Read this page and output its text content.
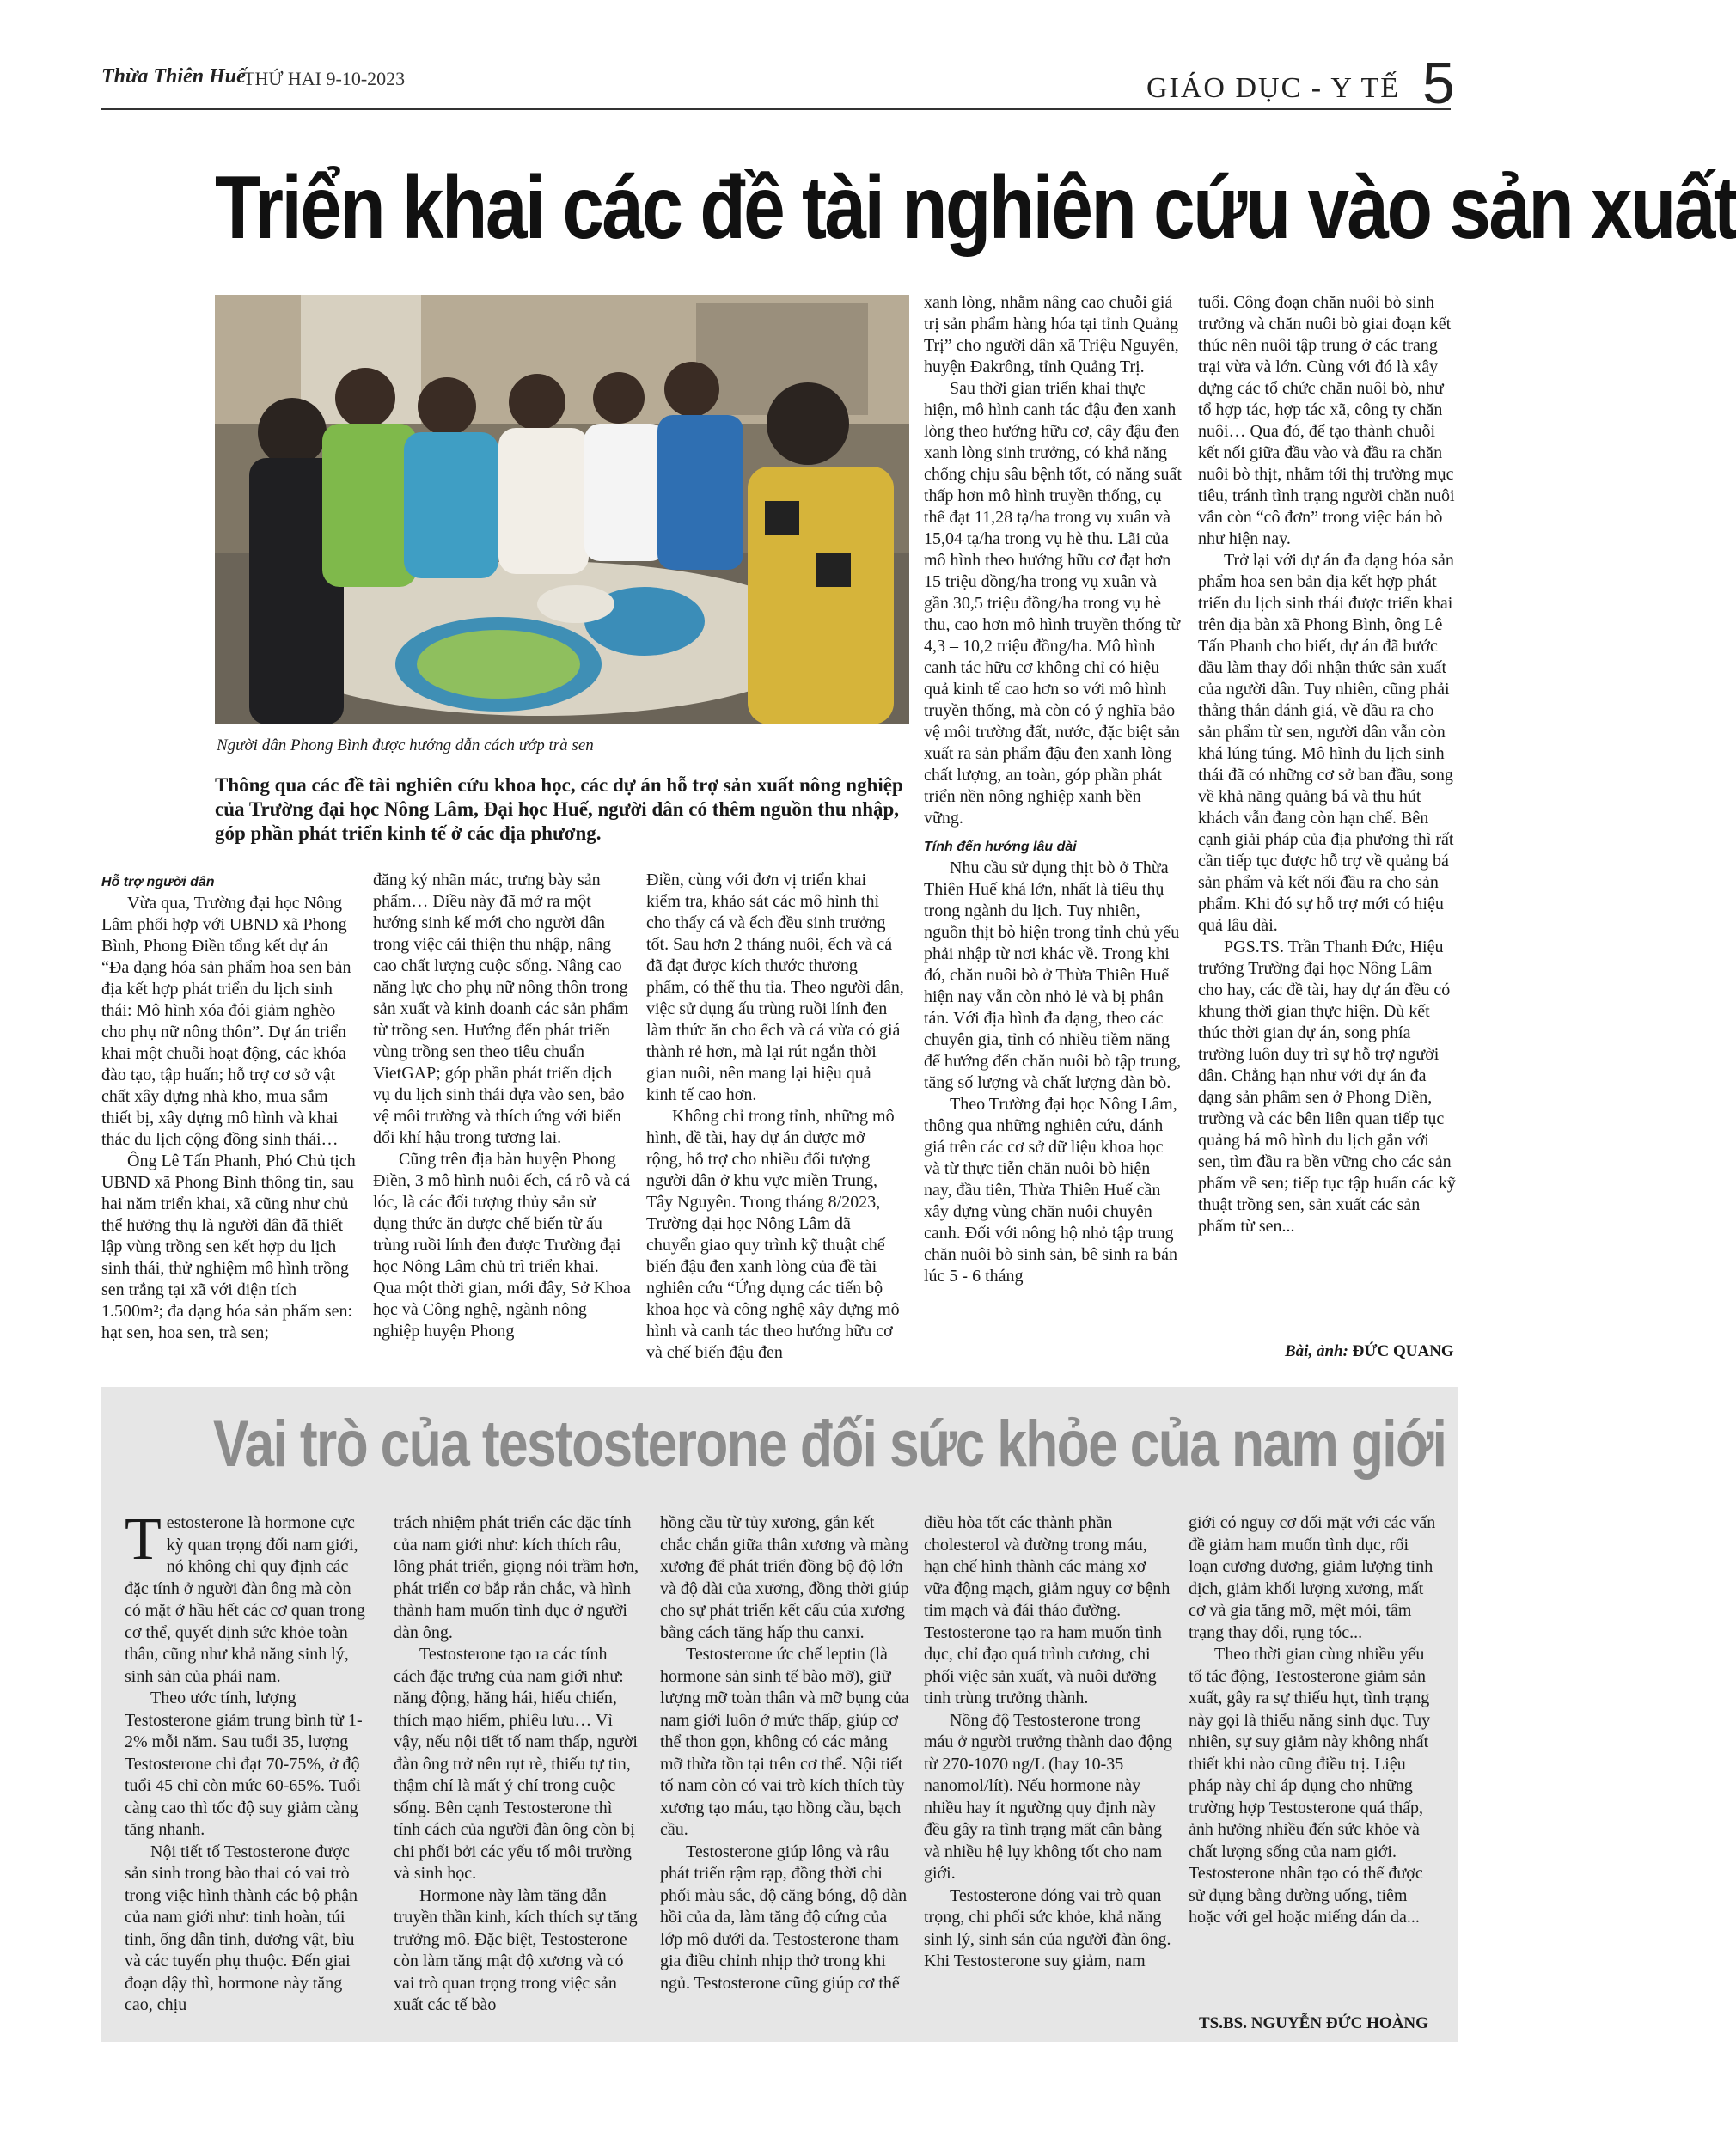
Thừa Thiên Huế
THỨ HAI 9-10-2023	GIÁO DỤC - Y TẾ 5
Triển khai các đề tài nghiên cứu vào sản xuất
Người dân Phong Bình được hướng dẫn cách ướp trà sen
Thông qua các đề tài nghiên cứu khoa học, các dự án hỗ trợ sản xuất nông nghiệp của Trường đại học Nông Lâm, Đại học Huế, người dân có thêm nguồn thu nhập, góp phần phát triển kinh tế ở các địa phương.
Hỗ trợ người dân

Vừa qua, Trường đại học Nông Lâm phối hợp với UBND xã Phong Bình, Phong Điền tổng kết dự án “Đa dạng hóa sản phẩm hoa sen bản địa kết hợp phát triển du lịch sinh thái: Mô hình xóa đói giảm nghèo cho phụ nữ nông thôn”. Dự án triển khai một chuỗi hoạt động, các khóa đào tạo, tập huấn; hỗ trợ cơ sở vật chất xây dựng nhà kho, mua sắm thiết bị, xây dựng mô hình và khai thác du lịch cộng đồng sinh thái…

Ông Lê Tấn Phanh, Phó Chủ tịch UBND xã Phong Bình thông tin, sau hai năm triển khai, xã cũng như chủ thể hưởng thụ là người dân đã thiết lập vùng trồng sen kết hợp du lịch sinh thái, thử nghiệm mô hình trồng sen trắng tại xã với diện tích 1.500m²; đa dạng hóa sản phẩm sen: hạt sen, hoa sen, trà sen;

đăng ký nhãn mác, trưng bày sản phẩm… Điều này đã mở ra một hướng sinh kế mới cho người dân trong việc cải thiện thu nhập, nâng cao chất lượng cuộc sống. Nâng cao năng lực cho phụ nữ nông thôn trong sản xuất và kinh doanh các sản phẩm từ trồng sen. Hướng đến phát triển vùng trồng sen theo tiêu chuẩn VietGAP; góp phần phát triển dịch vụ du lịch sinh thái dựa vào sen, bảo vệ môi trường và thích ứng với biến đổi khí hậu trong tương lai.

Cũng trên địa bàn huyện Phong Điền, 3 mô hình nuôi ếch, cá rô và cá lóc, là các đối tượng thủy sản sử dụng thức ăn được chế biến từ ấu trùng ruồi lính đen được Trường đại học Nông Lâm chủ trì triển khai. Qua một thời gian, mới đây, Sở Khoa học và Công nghệ, ngành nông nghiệp huyện Phong

Điền, cùng với đơn vị triển khai kiểm tra, khảo sát các mô hình thì cho thấy cá và ếch đều sinh trưởng tốt. Sau hơn 2 tháng nuôi, ếch và cá đã đạt được kích thước thương phẩm, có thể thu tỉa. Theo người dân, việc sử dụng ấu trùng ruồi lính đen làm thức ăn cho ếch và cá vừa có giá thành rẻ hơn, mà lại rút ngắn thời gian nuôi, nên mang lại hiệu quả kinh tế cao hơn.

Không chỉ trong tỉnh, những mô hình, đề tài, hay dự án được mở rộng, hỗ trợ cho nhiều đối tượng người dân ở khu vực miền Trung, Tây Nguyên. Trong tháng 8/2023, Trường đại học Nông Lâm đã chuyển giao quy trình kỹ thuật chế biến đậu đen xanh lòng của đề tài nghiên cứu “Ứng dụng các tiến bộ khoa học và công nghệ xây dựng mô hình và canh tác theo hướng hữu cơ và chế biến đậu đen

xanh lòng, nhằm nâng cao chuỗi giá trị sản phẩm hàng hóa tại tỉnh Quảng Trị” cho người dân xã Triệu Nguyên, huyện Đakrông, tỉnh Quảng Trị.

Sau thời gian triển khai thực hiện, mô hình canh tác đậu đen xanh lòng theo hướng hữu cơ, cây đậu đen xanh lòng sinh trưởng, có khả năng chống chịu sâu bệnh tốt, có năng suất thấp hơn mô hình truyền thống, cụ thể đạt 11,28 tạ/ha trong vụ xuân và 15,04 tạ/ha trong vụ hè thu. Lãi của mô hình theo hướng hữu cơ đạt hơn 15 triệu đồng/ha trong vụ xuân và gần 30,5 triệu đồng/ha trong vụ hè thu, cao hơn mô hình truyền thống từ 4,3 – 10,2 triệu đồng/ha. Mô hình canh tác hữu cơ không chỉ có hiệu quả kinh tế cao hơn so với mô hình truyền thống, mà còn có ý nghĩa bảo vệ môi trường đất, nước, đặc biệt sản xuất ra sản phẩm đậu đen xanh lòng chất lượng, an toàn, góp phần phát triển nền nông nghiệp xanh bền vững.

Tính đến hướng lâu dài

Nhu cầu sử dụng thịt bò ở Thừa Thiên Huế khá lớn, nhất là tiêu thụ trong ngành du lịch. Tuy nhiên, nguồn thịt bò hiện trong tỉnh chủ yếu phải nhập từ nơi khác về. Trong khi đó, chăn nuôi bò ở Thừa Thiên Huế hiện nay vẫn còn nhỏ lẻ và bị phân tán. Với địa hình đa dạng, theo các chuyên gia, tỉnh có nhiều tiềm năng để hướng đến chăn nuôi bò tập trung, tăng số lượng và chất lượng đàn bò.

Theo Trường đại học Nông Lâm, thông qua những nghiên cứu, đánh giá trên các cơ sở dữ liệu khoa học và từ thực tiễn chăn nuôi bò hiện nay, đầu tiên, Thừa Thiên Huế cần xây dựng vùng chăn nuôi chuyên canh. Đối với nông hộ nhỏ tập trung chăn nuôi bò sinh sản, bê sinh ra bán lúc 5 - 6 tháng

tuổi. Công đoạn chăn nuôi bò sinh trưởng và chăn nuôi bò giai đoạn kết thúc nên nuôi tập trung ở các trang trại vừa và lớn. Cùng với đó là xây dựng các tổ chức chăn nuôi bò, như tổ hợp tác, hợp tác xã, công ty chăn nuôi… Qua đó, để tạo thành chuỗi kết nối giữa đầu vào và đầu ra chăn nuôi bò thịt, nhằm tới thị trường mục tiêu, tránh tình trạng người chăn nuôi vẫn còn “cô đơn” trong việc bán bò như hiện nay.

Trở lại với dự án đa dạng hóa sản phẩm hoa sen bản địa kết hợp phát triển du lịch sinh thái được triển khai trên địa bàn xã Phong Bình, ông Lê Tấn Phanh cho biết, dự án đã bước đầu làm thay đổi nhận thức sản xuất của người dân. Tuy nhiên, cũng phải thẳng thắn đánh giá, về đầu ra cho sản phẩm từ sen, người dân vẫn còn khá lúng túng. Mô hình du lịch sinh thái đã có những cơ sở ban đầu, song về khả năng quảng bá và thu hút khách vẫn đang còn hạn chế. Bên cạnh giải pháp của địa phương thì rất cần tiếp tục được hỗ trợ về quảng bá sản phẩm và kết nối đầu ra cho sản phẩm. Khi đó sự hỗ trợ mới có hiệu quả lâu dài.

PGS.TS. Trần Thanh Đức, Hiệu trưởng Trường đại học Nông Lâm cho hay, các đề tài, hay dự án đều có khung thời gian thực hiện. Dù kết thúc thời gian dự án, song phía trường luôn duy trì sự hỗ trợ người dân. Chẳng hạn như với dự án đa dạng sản phẩm sen ở Phong Điền, trường và các bên liên quan tiếp tục quảng bá mô hình du lịch gắn với sen, tìm đầu ra bền vững cho các sản phẩm về sen; tiếp tục tập huấn các kỹ thuật trồng sen, sản xuất các sản phẩm từ sen...

Bài, ảnh: ĐỨC QUANG
Vai trò của testosterone đối sức khỏe của nam giới

Testosterone là hormone cực kỳ quan trọng đối nam giới, nó không chỉ quy định các đặc tính ở người đàn ông mà còn có mặt ở hầu hết các cơ quan trong cơ thể, quyết định sức khỏe toàn thân, cũng như khả năng sinh lý, sinh sản của phái nam.

Theo ước tính, lượng Testosterone giảm trung bình từ 1-2% mỗi năm. Sau tuổi 35, lượng Testosterone chỉ đạt 70-75%, ở độ tuổi 45 chỉ còn mức 60-65%. Tuổi càng cao thì tốc độ suy giảm càng tăng nhanh.

Nội tiết tố Testosterone được sản sinh trong bào thai có vai trò trong việc hình thành các bộ phận của nam giới như: tinh hoàn, túi tinh, ống dẫn tinh, dương vật, bìu và các tuyến phụ thuộc. Đến giai đoạn dậy thì, hormone này tăng cao, chịu

trách nhiệm phát triển các đặc tính của nam giới như: kích thích râu, lông phát triển, giọng nói trầm hơn, phát triển cơ bắp rắn chắc, và hình thành ham muốn tình dục ở người đàn ông.

Testosterone tạo ra các tính cách đặc trưng của nam giới như: năng động, hăng hái, hiếu chiến, thích mạo hiểm, phiêu lưu… Vì vậy, nếu nội tiết tố nam thấp, người đàn ông trở nên rụt rè, thiếu tự tin, thậm chí là mất ý chí trong cuộc sống. Bên cạnh Testosterone thì tính cách của người đàn ông còn bị chi phối bởi các yếu tố môi trường và sinh học.

Hormone này làm tăng dẫn truyền thần kinh, kích thích sự tăng trưởng mô. Đặc biệt, Testosterone còn làm tăng mật độ xương và có vai trò quan trọng trong việc sản xuất các tế bào

hồng cầu từ tủy xương, gắn kết chắc chắn giữa thân xương và màng xương để phát triển đồng bộ độ lớn và độ dài của xương, đồng thời giúp cho sự phát triển kết cấu của xương bằng cách tăng hấp thu canxi.

Testosterone ức chế leptin (là hormone sản sinh tế bào mỡ), giữ lượng mỡ toàn thân và mỡ bụng của nam giới luôn ở mức thấp, giúp cơ thể thon gọn, không có các mảng mỡ thừa tồn tại trên cơ thể. Nội tiết tố nam còn có vai trò kích thích tủy xương tạo máu, tạo hồng cầu, bạch cầu.

Testosterone giúp lông và râu phát triển rậm rạp, đồng thời chi phối màu sắc, độ căng bóng, độ đàn hồi của da, làm tăng độ cứng của lớp mô dưới da. Testosterone tham gia điều chỉnh nhịp thở trong khi ngủ. Testosterone cũng giúp cơ thể

điều hòa tốt các thành phần cholesterol và đường trong máu, hạn chế hình thành các mảng xơ vữa động mạch, giảm nguy cơ bệnh tim mạch và đái tháo đường. Testosterone tạo ra ham muốn tình dục, chỉ đạo quá trình cương, chi phối việc sản xuất, và nuôi dưỡng tinh trùng trưởng thành.

Nồng độ Testosterone trong máu ở người trưởng thành dao động từ 270-1070 ng/L (hay 10-35 nanomol/lít). Nếu hormone này nhiều hay ít ngường quy định này đều gây ra tình trạng mất cân bằng và nhiều hệ lụy không tốt cho nam giới.

Testosterone đóng vai trò quan trọng, chi phối sức khỏe, khả năng sinh lý, sinh sản của người đàn ông. Khi Testosterone suy giảm, nam

giới có nguy cơ đối mặt với các vấn đề giảm ham muốn tình dục, rối loạn cương dương, giảm lượng tinh dịch, giảm khối lượng xương, mất cơ và gia tăng mỡ, mệt mỏi, tâm trạng thay đổi, rụng tóc...

Theo thời gian cùng nhiều yếu tố tác động, Testosterone giảm sản xuất, gây ra sự thiếu hụt, tình trạng này gọi là thiểu năng sinh dục. Tuy nhiên, sự suy giảm này không nhất thiết khi nào cũng điều trị. Liệu pháp này chỉ áp dụng cho những trường hợp Testosterone quá thấp, ảnh hưởng nhiều đến sức khỏe và chất lượng sống của nam giới. Testosterone nhân tạo có thể được sử dụng bằng đường uống, tiêm hoặc với gel hoặc miếng dán da...

TS.BS. NGUYỄN ĐỨC HOÀNG
